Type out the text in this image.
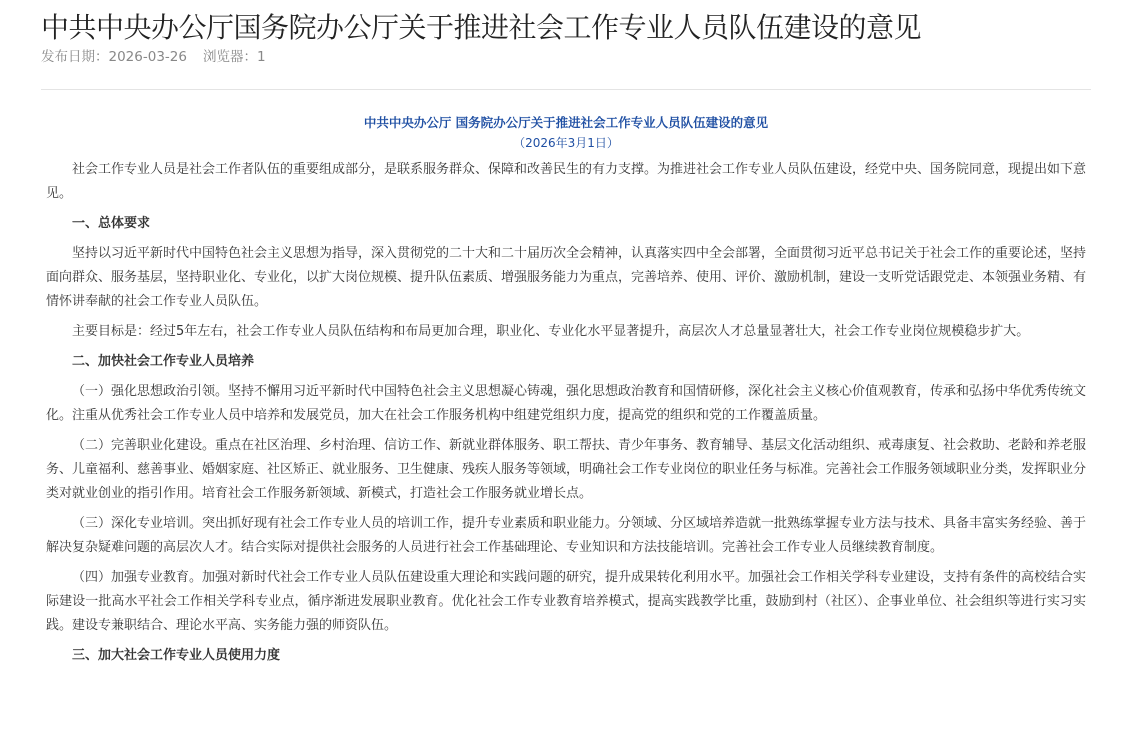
中共中央办公厅国务院办公厅关于推进社会工作专业人员队伍建设的意见
发布日期：2026-03-26 浏览器：1
中共中央办公厅 国务院办公厅关于推进社会工作专业人员队伍建设的意见
（2026年3月1日）
社会工作专业人员是社会工作者队伍的重要组成部分，是联系服务群众、保障和改善民生的有力支撑。为推进社会工作专业人员队伍建设，经党中央、国务院同意，现提出如下意见。
一、总体要求
坚持以习近平新时代中国特色社会主义思想为指导，深入贯彻党的二十大和二十届历次全会精神，认真落实四中全会部署，全面贯彻习近平总书记关于社会工作的重要论述，坚持面向群众、服务基层，坚持职业化、专业化，以扩大岗位规模、提升队伍素质、增强服务能力为重点，完善培养、使用、评价、激励机制，建设一支听党话跟党走、本领强业务精、有情怀讲奉献的社会工作专业人员队伍。
主要目标是：经过5年左右，社会工作专业人员队伍结构和布局更加合理，职业化、专业化水平显著提升，高层次人才总量显著壮大，社会工作专业岗位规模稳步扩大。
二、加快社会工作专业人员培养
（一）强化思想政治引领。坚持不懈用习近平新时代中国特色社会主义思想凝心铸魂，强化思想政治教育和国情研修，深化社会主义核心价值观教育，传承和弘扬中华优秀传统文化。注重从优秀社会工作专业人员中培养和发展党员，加大在社会工作服务机构中组建党组织力度，提高党的组织和党的工作覆盖质量。
（二）完善职业化建设。重点在社区治理、乡村治理、信访工作、新就业群体服务、职工帮扶、青少年事务、教育辅导、基层文化活动组织、戒毒康复、社会救助、老龄和养老服务、儿童福利、慈善事业、婚姻家庭、社区矫正、就业服务、卫生健康、残疾人服务等领域，明确社会工作专业岗位的职业任务与标准。完善社会工作服务领域职业分类，发挥职业分类对就业创业的指引作用。培育社会工作服务新领域、新模式，打造社会工作服务就业增长点。
（三）深化专业培训。突出抓好现有社会工作专业人员的培训工作，提升专业素质和职业能力。分领域、分区域培养造就一批熟练掌握专业方法与技术、具备丰富实务经验、善于解决复杂疑难问题的高层次人才。结合实际对提供社会服务的人员进行社会工作基础理论、专业知识和方法技能培训。完善社会工作专业人员继续教育制度。
（四）加强专业教育。加强对新时代社会工作专业人员队伍建设重大理论和实践问题的研究，提升成果转化利用水平。加强社会工作相关学科专业建设，支持有条件的高校结合实际建设一批高水平社会工作相关学科专业点，循序渐进发展职业教育。优化社会工作专业教育培养模式，提高实践教学比重，鼓励到村（社区）、企事业单位、社会组织等进行实习实践。建设专兼职结合、理论水平高、实务能力强的师资队伍。
三、加大社会工作专业人员使用力度
